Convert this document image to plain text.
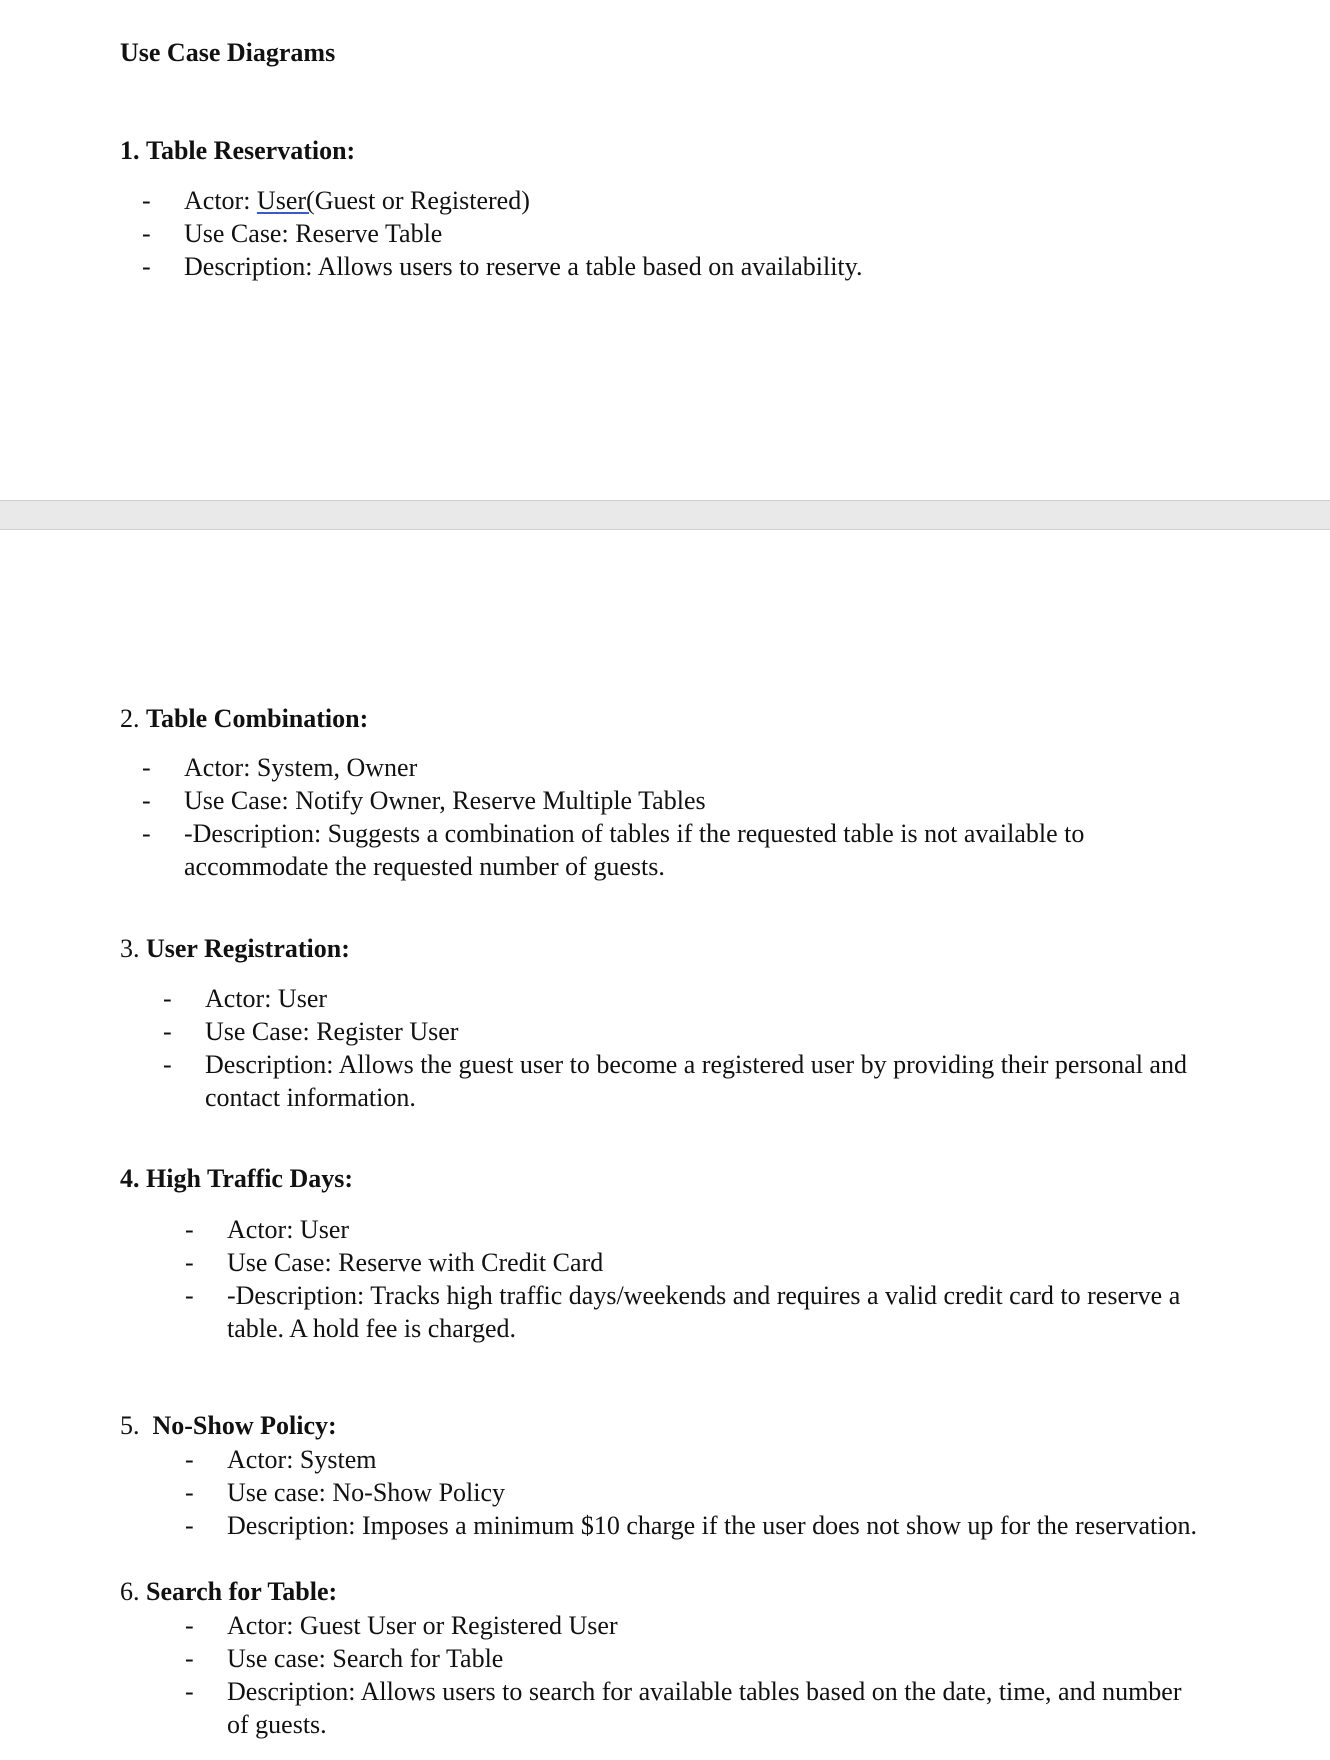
Use Case Diagrams
1. Table Reservation:
- Actor: User(Guest or Registered)
- Use Case: Reserve Table
- Description: Allows users to reserve a table based on availability.
2. Table Combination:
- Actor: System, Owner
- Use Case: Notify Owner, Reserve Multiple Tables
- -Description: Suggests a combination of tables if the requested table is not available to accommodate the requested number of guests.
3. User Registration:
- Actor: User
- Use Case: Register User
- Description: Allows the guest user to become a registered user by providing their personal and contact information.
4. High Traffic Days:
- Actor: User
- Use Case: Reserve with Credit Card
- -Description: Tracks high traffic days/weekends and requires a valid credit card to reserve a table. A hold fee is charged.
5. No-Show Policy:
- Actor: System
- Use case: No-Show Policy
- Description: Imposes a minimum $10 charge if the user does not show up for the reservation.
6. Search for Table:
- Actor: Guest User or Registered User
- Use case: Search for Table
- Description: Allows users to search for available tables based on the date, time, and number of guests.
